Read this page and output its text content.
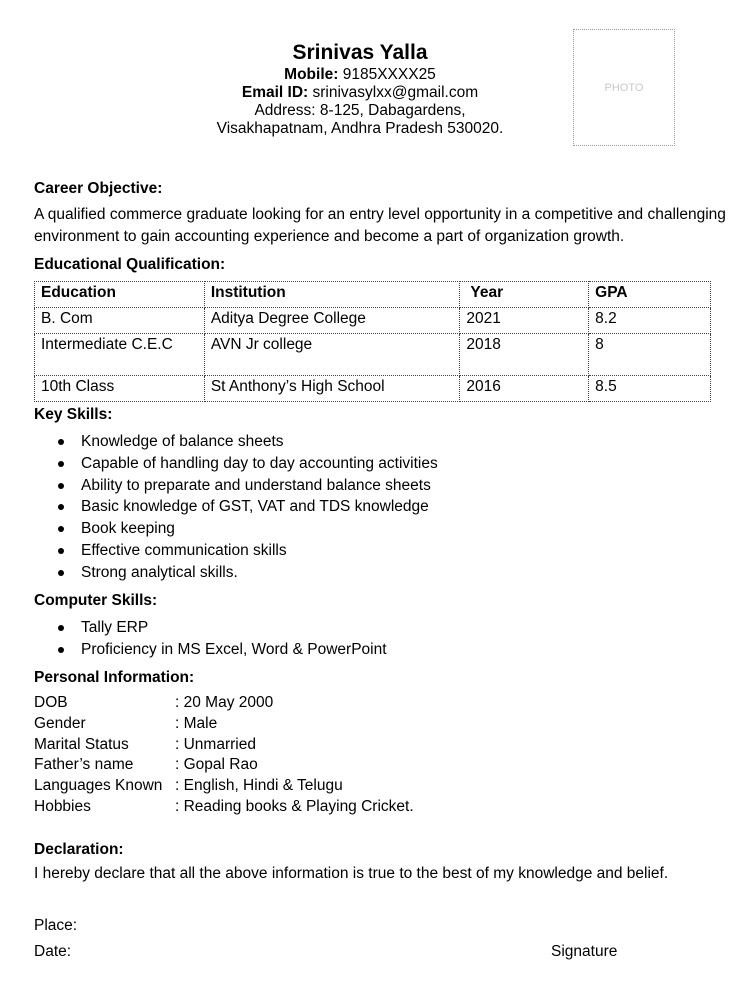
Srinivas Yalla
Mobile: 9185XXXX25
Email ID: srinivasylxx@gmail.com
Address: 8-125, Dabagardens,
Visakhapatnam, Andhra Pradesh 530020.
PHOTO
Career Objective:
A qualified commerce graduate looking for an entry level opportunity in a competitive and challenging environment to gain accounting experience and become a part of organization growth.
Educational Qualification:
Education	Institution	Year	GPA
B. Com	Aditya Degree College	2021	8.2
Intermediate C.E.C	AVN Jr college	2018	8
10th Class	St Anthony’s High School	2016	8.5
Key Skills:
Knowledge of balance sheets
Capable of handling day to day accounting activities
Ability to preparate and understand balance sheets
Basic knowledge of GST, VAT and TDS knowledge
Book keeping
Effective communication skills
Strong analytical skills.
Computer Skills:
Tally ERP
Proficiency in MS Excel, Word & PowerPoint
Personal Information:
DOB	: 20 May 2000
Gender	: Male
Marital Status	: Unmarried
Father’s name	: Gopal Rao
Languages Known : English, Hindi & Telugu
Hobbies	: Reading books & Playing Cricket.
Declaration:
I hereby declare that all the above information is true to the best of my knowledge and belief.
Place:
Date:	Signature
